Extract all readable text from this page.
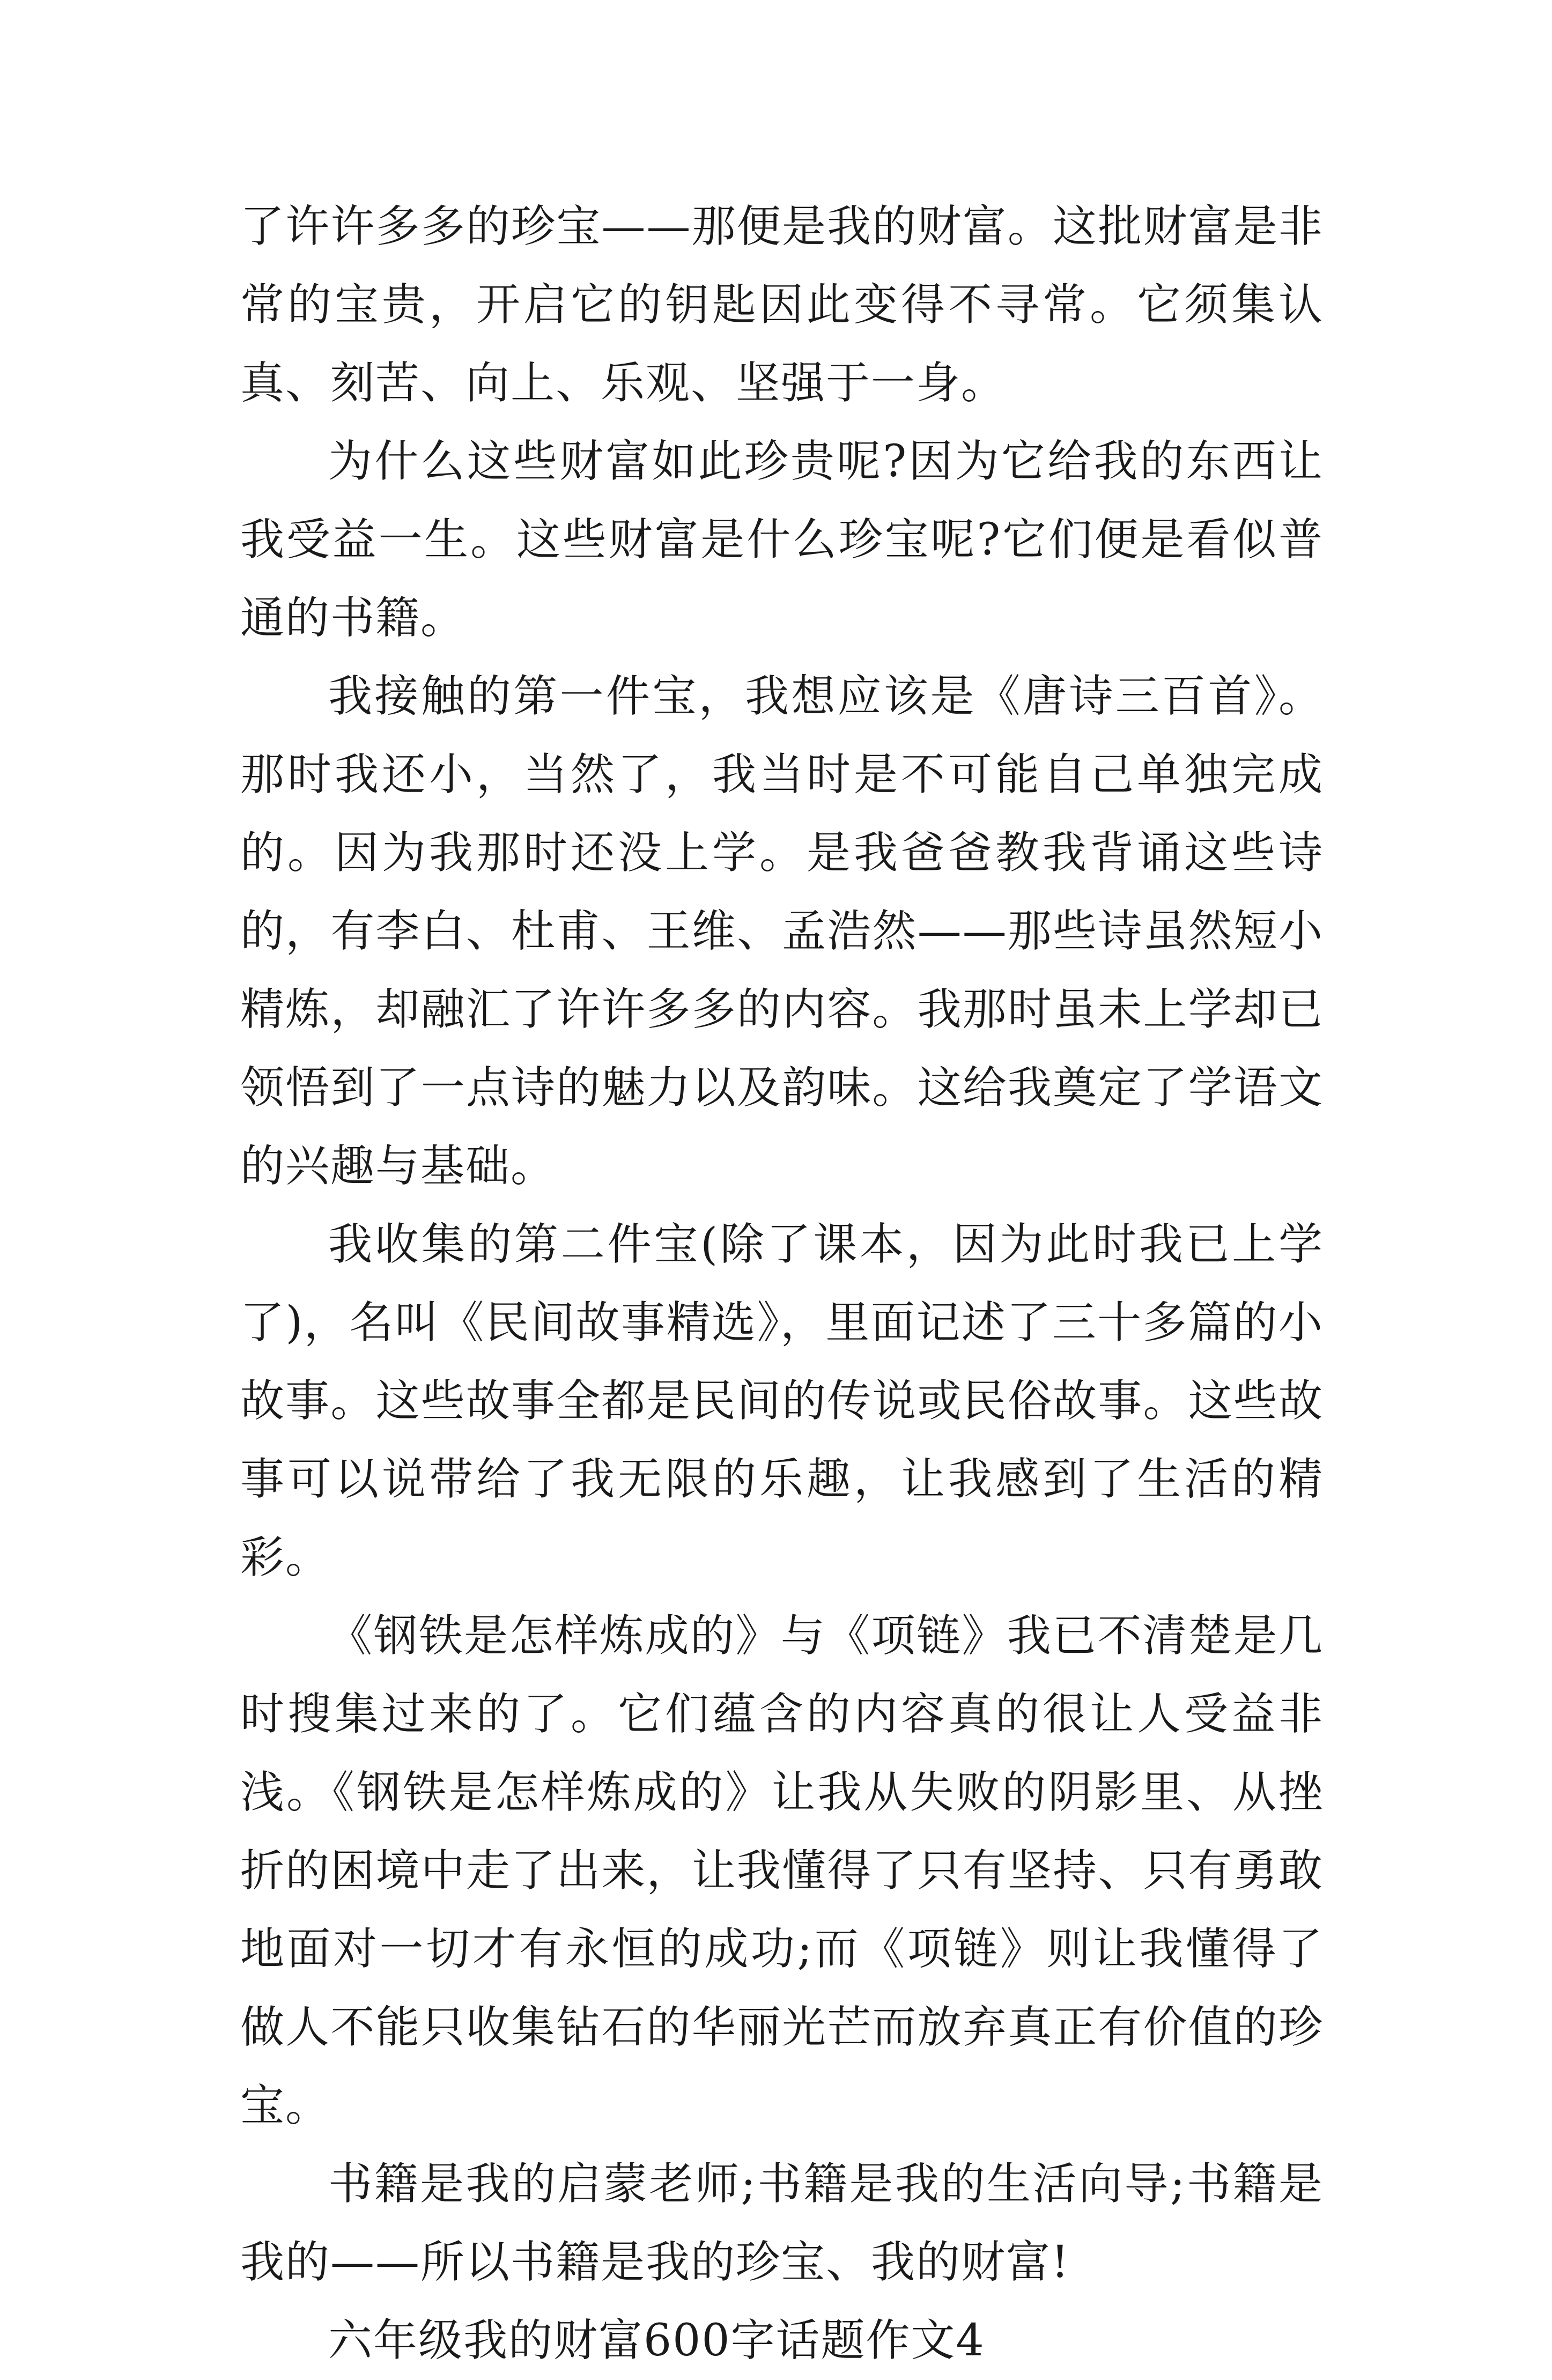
了许许多多的珍宝——那便是我的财富。这批财富是非常的宝贵，开启它的钥匙因此变得不寻常。它须集认真、刻苦、向上、乐观、坚强于一身。

为什么这些财富如此珍贵呢?因为它给我的东西让我受益一生。这些财富是什么珍宝呢?它们便是看似普通的书籍。

我接触的第一件宝，我想应该是《唐诗三百首》。那时我还小，当然了，我当时是不可能自己单独完成的。因为我那时还没上学。是我爸爸教我背诵这些诗的，有李白、杜甫、王维、孟浩然——那些诗虽然短小精炼，却融汇了许许多多的内容。我那时虽未上学却已领悟到了一点诗的魅力以及韵味。这给我奠定了学语文的兴趣与基础。

我收集的第二件宝(除了课本，因为此时我已上学了)，名叫《民间故事精选》，里面记述了三十多篇的小故事。这些故事全都是民间的传说或民俗故事。这些故事可以说带给了我无限的乐趣，让我感到了生活的精彩。

《钢铁是怎样炼成的》与《项链》我已不清楚是几时搜集过来的了。它们蕴含的内容真的很让人受益非浅。《钢铁是怎样炼成的》让我从失败的阴影里、从挫折的困境中走了出来，让我懂得了只有坚持、只有勇敢地面对一切才有永恒的成功;而《项链》则让我懂得了做人不能只收集钻石的华丽光芒而放弃真正有价值的珍宝。

书籍是我的启蒙老师;书籍是我的生活向导;书籍是我的——所以书籍是我的珍宝、我的财富!

六年级我的财富600字话题作文4
